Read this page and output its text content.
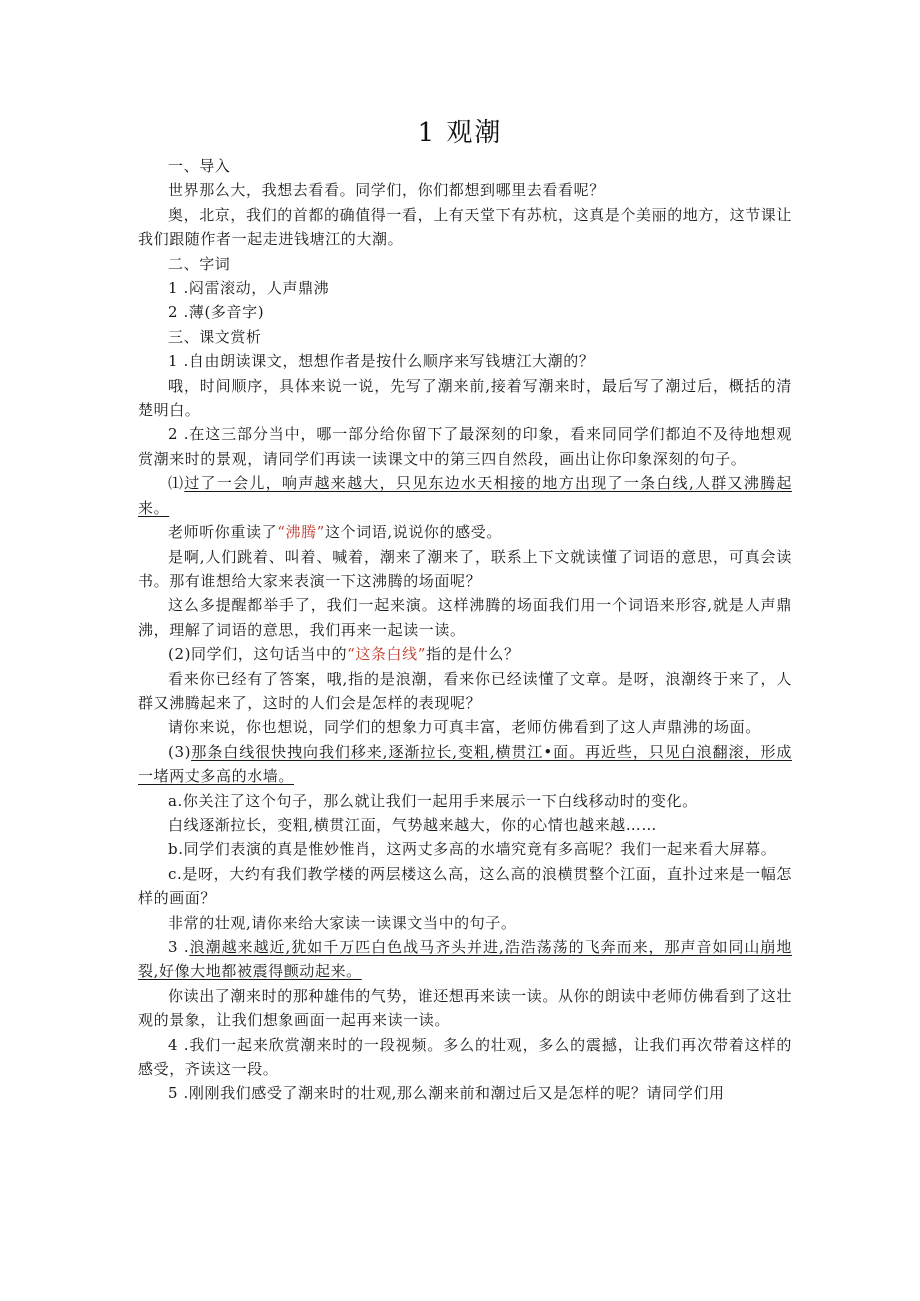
1 观潮

一、导入

世界那么大，我想去看看。同学们，你们都想到哪里去看看呢？

奥，北京，我们的首都的确值得一看，上有天堂下有苏杭，这真是个美丽的地方，这节课让我们跟随作者一起走进钱塘江的大潮。

二、字词

1 .闷雷滚动，人声鼎沸

2 .薄(多音字)

三、课文赏析

1 .自由朗读课文，想想作者是按什么顺序来写钱塘江大潮的？

哦，时间顺序，具体来说一说，先写了潮来前,接着写潮来时，最后写了潮过后，概括的清楚明白。

2 .在这三部分当中，哪一部分给你留下了最深刻的印象，看来同同学们都迫不及待地想观赏潮来时的景观，请同学们再读一读课文中的第三四自然段，画出让你印象深刻的句子。

⑴过了一会儿，响声越来越大，只见东边水天相接的地方出现了一条白线,人群又沸腾起来。

老师听你重读了“沸腾”这个词语,说说你的感受。

是啊,人们跳着、叫着、喊着，潮来了潮来了，联系上下文就读懂了词语的意思，可真会读书。那有谁想给大家来表演一下这沸腾的场面呢？

这么多提醒都举手了，我们一起来演。这样沸腾的场面我们用一个词语来形容,就是人声鼎沸，理解了词语的意思，我们再来一起读一读。

(2)同学们，这句话当中的“这条白线”指的是什么？

看来你已经有了答案，哦,指的是浪潮，看来你已经读懂了文章。是呀，浪潮终于来了，人群又沸腾起来了，这时的人们会是怎样的表现呢？

请你来说，你也想说，同学们的想象力可真丰富，老师仿佛看到了这人声鼎沸的场面。

(3)那条白线很快拽向我们移来,逐渐拉长,变粗,横贯江•面。再近些，只见白浪翻滚，形成一堵两丈多高的水墙。

a.你关注了这个句子，那么就让我们一起用手来展示一下白线移动时的变化。

白线逐渐拉长，变粗,横贯江面，气势越来越大，你的心情也越来越……

b.同学们表演的真是惟妙惟肖，这两丈多高的水墙究竟有多高呢？我们一起来看大屏幕。

c.是呀，大约有我们教学楼的两层楼这么高，这么高的浪横贯整个江面，直扑过来是一幅怎样的画面？

非常的壮观,请你来给大家读一读课文当中的句子。

3 .浪潮越来越近,犹如千万匹白色战马齐头并进,浩浩荡荡的飞奔而来，那声音如同山崩地裂,好像大地都被震得颤动起来。

你读出了潮来时的那种雄伟的气势，谁还想再来读一读。从你的朗读中老师仿佛看到了这壮观的景象，让我们想象画面一起再来读一读。

4 .我们一起来欣赏潮来时的一段视频。多么的壮观，多么的震撼，让我们再次带着这样的感受，齐读这一段。

5 .刚刚我们感受了潮来时的壮观,那么潮来前和潮过后又是怎样的呢？请同学们用
